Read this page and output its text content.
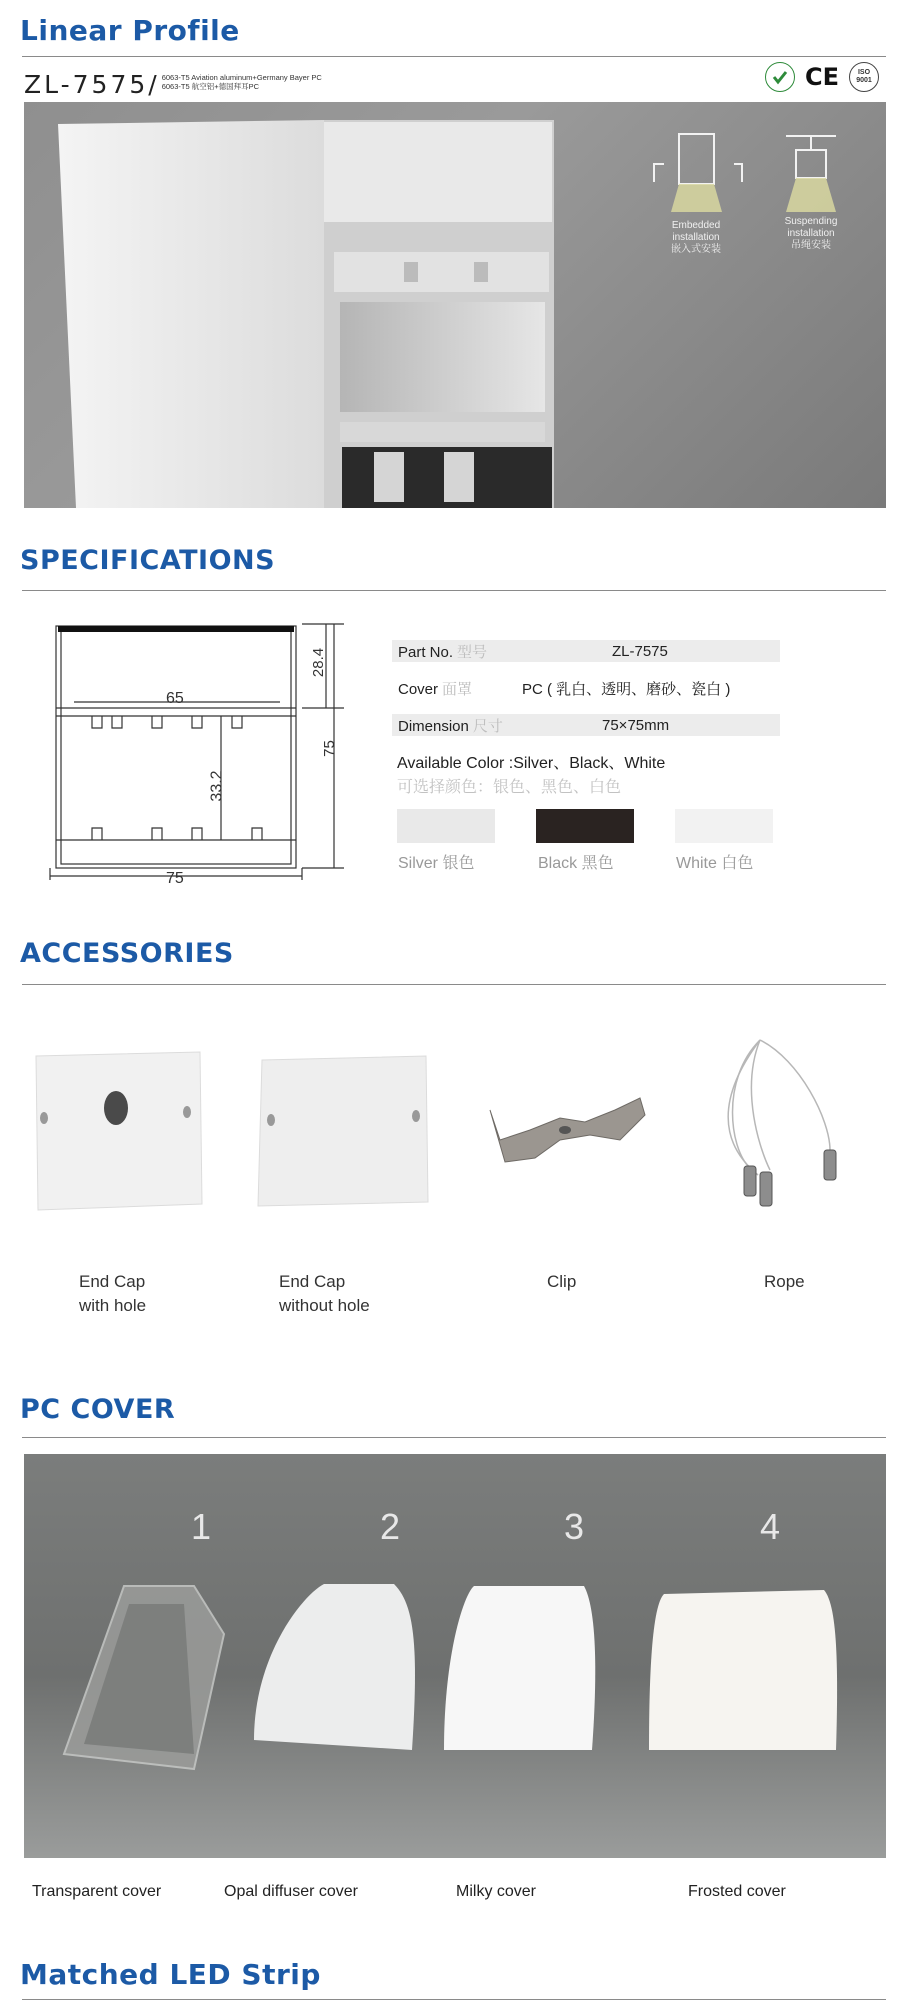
Linear Profile
ZL-7575/ 6063-T5 Aviation aluminum+Germany Bayer PC
6063-T5 航空铝+德国拜耳PC	CE	ISO 9001
Embedded
installation
嵌入式安装
Suspending
installation
吊绳安装
SPECIFICATIONS
28.4
65
75
33.2
75
Part No. 型号	ZL-7575
Cover 面罩	PC ( 乳白、透明、磨砂、瓷白 )
Dimension 尺寸	75×75mm
Available Color :Silver、Black、White
可选择颜色：银色、黑色、白色
Silver 银色	Black 黑色	White 白色
ACCESSORIES
End Cap
with hole
End Cap
without hole
Clip	Rope
PC COVER
1	2	3	4
Transparent cover	Opal diffuser cover	Milky cover	Frosted cover
Matched LED Strip
